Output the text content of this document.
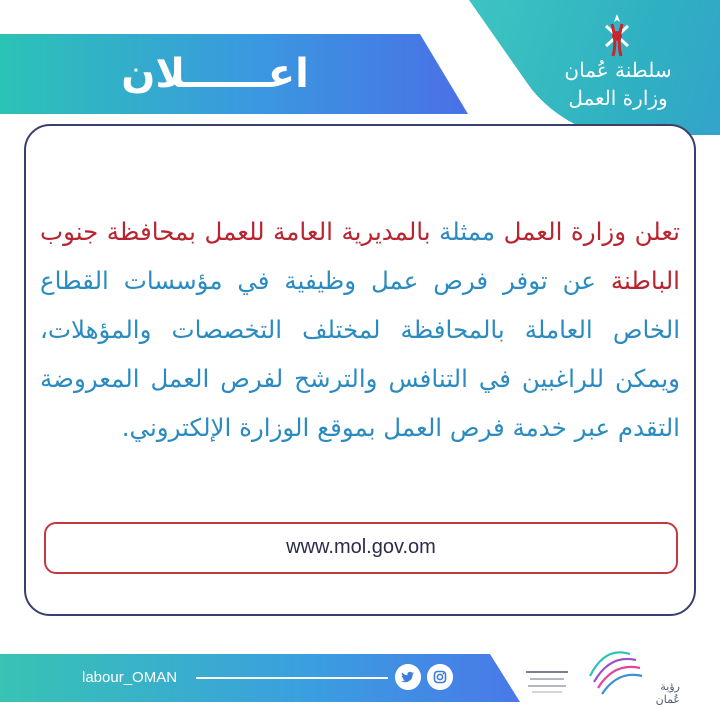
اعــــــلان	سلطنة عُمان
وزارة العمل
تعلن وزارة العمل ممثلة بالمديرية العامة للعمل بمحافظة جنوب الباطنة عن توفر فرص عمل وظيفية في مؤسسات القطاع الخاص العاملة بالمحافظة لمختلف التخصصات والمؤهلات، ويمكن للراغبين في التنافس والترشح لفرص العمل المعروضة التقدم عبر خدمة فرص العمل بموقع الوزارة الإلكتروني.
www.mol.gov.om
labour_OMAN
رؤية عُمان
